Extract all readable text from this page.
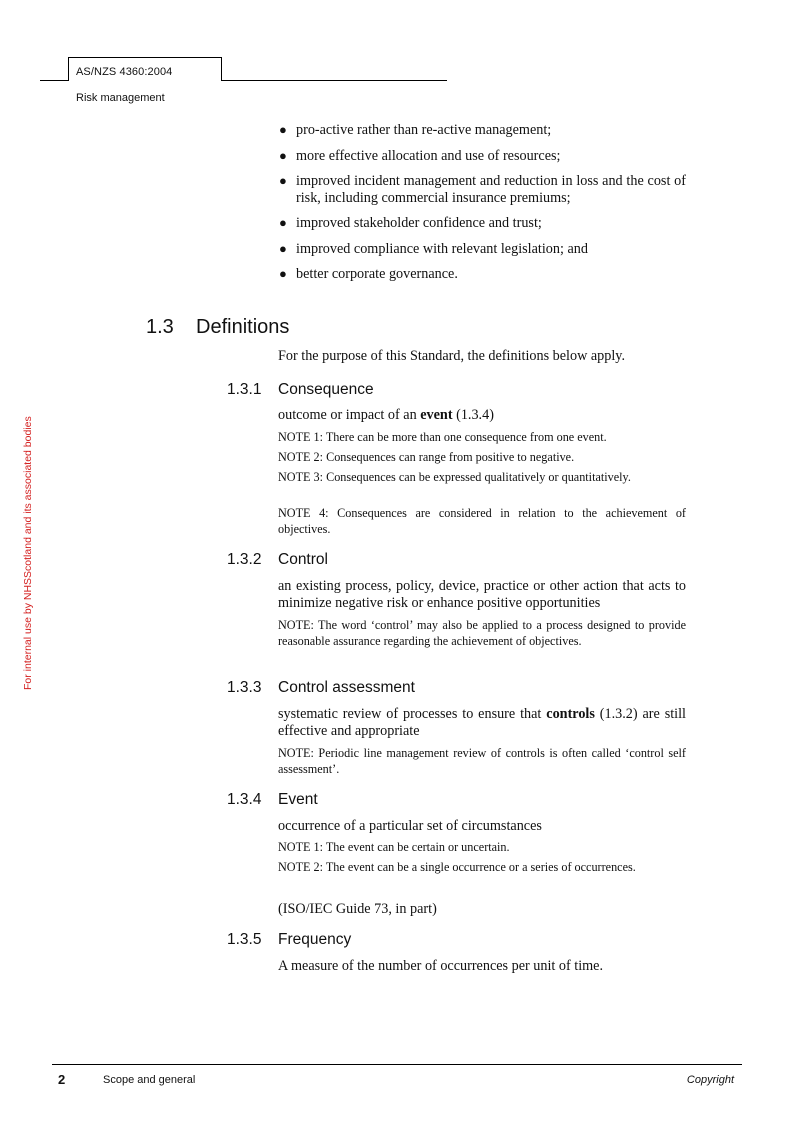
AS/NZS 4360:2004
Risk management
For internal use by NHSScotland and its associated bodies
● pro-active rather than re-active management;
● more effective allocation and use of resources;
● improved incident management and reduction in loss and the cost of risk, including commercial insurance premiums;
● improved stakeholder confidence and trust;
● improved compliance with relevant legislation; and
● better corporate governance.
1.3 Definitions
For the purpose of this Standard, the definitions below apply.
1.3.1 Consequence
outcome or impact of an event (1.3.4)
NOTE 1: There can be more than one consequence from one event.
NOTE 2: Consequences can range from positive to negative.
NOTE 3: Consequences can be expressed qualitatively or quantitatively.
NOTE 4: Consequences are considered in relation to the achievement of objectives.
1.3.2 Control
an existing process, policy, device, practice or other action that acts to minimize negative risk or enhance positive opportunities
NOTE: The word ‘control’ may also be applied to a process designed to provide reasonable assurance regarding the achievement of objectives.
1.3.3 Control assessment
systematic review of processes to ensure that controls (1.3.2) are still effective and appropriate
NOTE: Periodic line management review of controls is often called ‘control self assessment’.
1.3.4 Event
occurrence of a particular set of circumstances
NOTE 1: The event can be certain or uncertain.
NOTE 2: The event can be a single occurrence or a series of occurrences.
(ISO/IEC Guide 73, in part)
1.3.5 Frequency
A measure of the number of occurrences per unit of time.
2	Scope and general	Copyright
